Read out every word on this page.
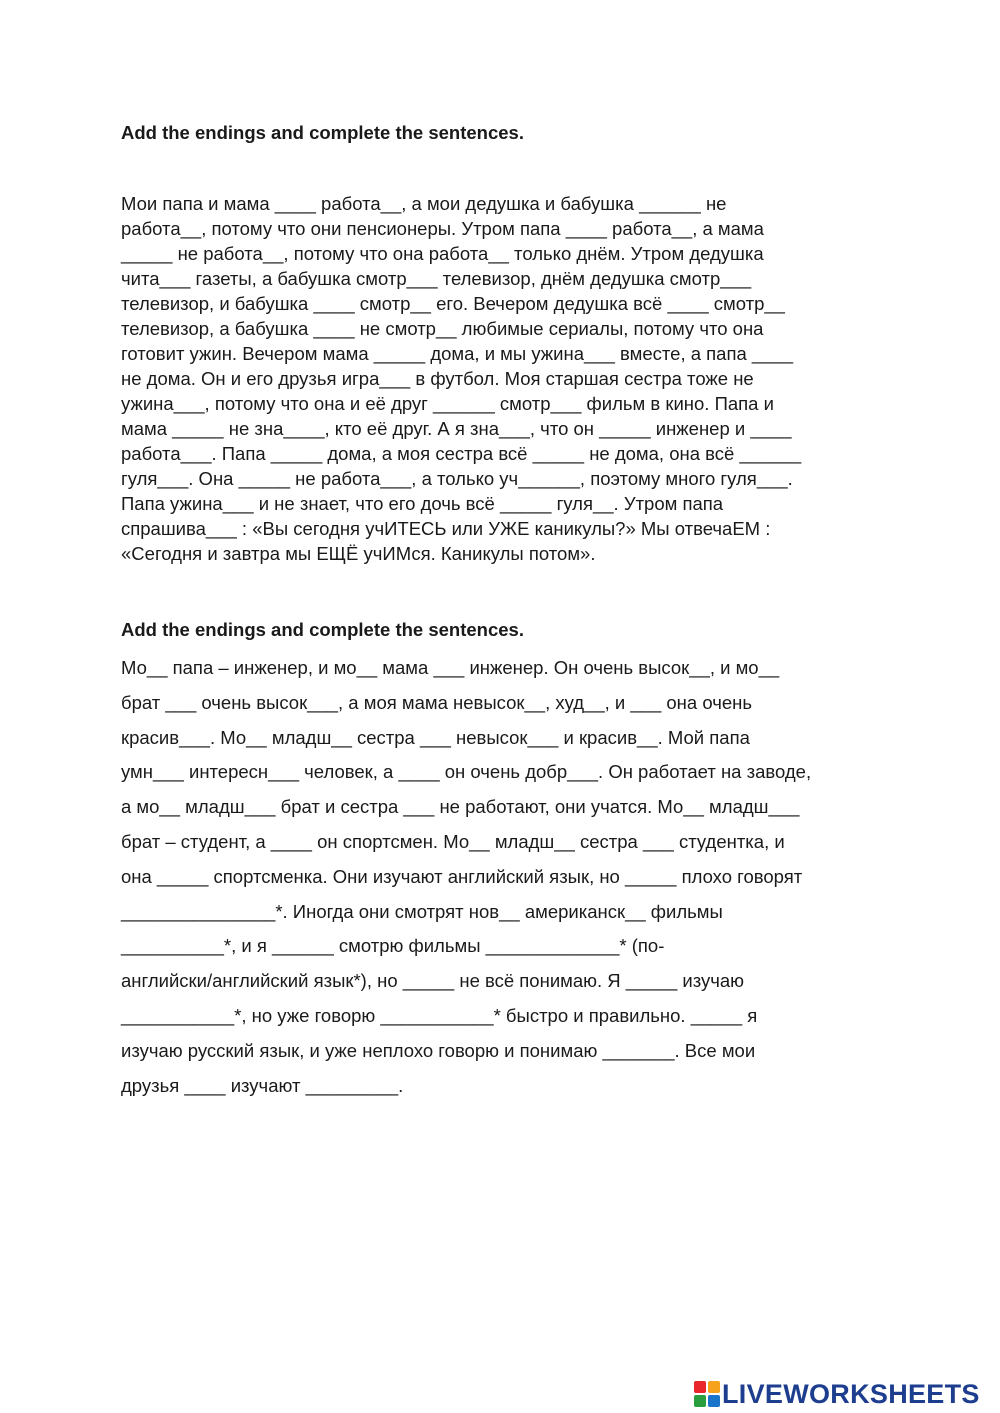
Add the endings and complete the sentences.
Мои папа и мама ____ работа__, а мои дедушка и бабушка ______ не
работа__, потому что они пенсионеры. Утром папа ____ работа__, а мама
_____ не работа__, потому что она работа__ только днём. Утром дедушка
чита___ газеты, а бабушка смотр___ телевизор, днём дедушка смотр___
телевизор, и бабушка ____ смотр__ его. Вечером дедушка всё ____ смотр__
телевизор, а бабушка ____ не смотр__ любимые сериалы, потому что она
готовит ужин. Вечером мама _____ дома, и мы ужина___ вместе, а папа ____
не дома. Он и его друзья игра___ в футбол. Моя старшая сестра тоже не
ужина___, потому что она и её друг ______ смотр___ фильм в кино. Папа и
мама _____ не зна____, кто её друг. А я зна___, что он _____ инженер и ____
работа___. Папа _____ дома, а моя сестра всё _____ не дома, она всё ______
гуля___. Она _____ не работа___, а только уч______, поэтому много гуля___.
Папа ужина___ и не знает, что его дочь всё _____ гуля__. Утром папа
спрашива___ : «Вы сегодня учИТЕСЬ или УЖЕ каникулы?» Мы отвечаЕМ :
«Сегодня и завтра мы ЕЩЁ учИМся. Каникулы потом».
Add the endings and complete the sentences.
Мо__ папа – инженер, и мо__ мама ___ инженер. Он очень высок__, и мо__
брат ___ очень высок___, а моя мама невысок__, худ__, и ___ она очень
красив___. Мо__ младш__ сестра ___ невысок___ и красив__. Мой папа
умн___ интересн___ человек, а ____ он очень добр___. Он работает на заводе,
а мо__ младш___ брат и сестра ___ не работают, они учатся. Мо__ младш___
брат – студент, а ____ он спортсмен. Мо__ младш__ сестра ___ студентка, и
она _____ спортсменка. Они изучают английский язык, но _____ плохо говорят
_______________*. Иногда они смотрят нов__ американск__ фильмы
__________*, и я ______ смотрю фильмы _____________* (по-
английски/английский язык*), но _____ не всё понимаю. Я _____ изучаю
___________*, но уже говорю ___________* быстро и правильно. _____ я
изучаю русский язык, и уже неплохо говорю и понимаю _______. Все мои
друзья ____ изучают _________.
LIVEWORKSHEETS
